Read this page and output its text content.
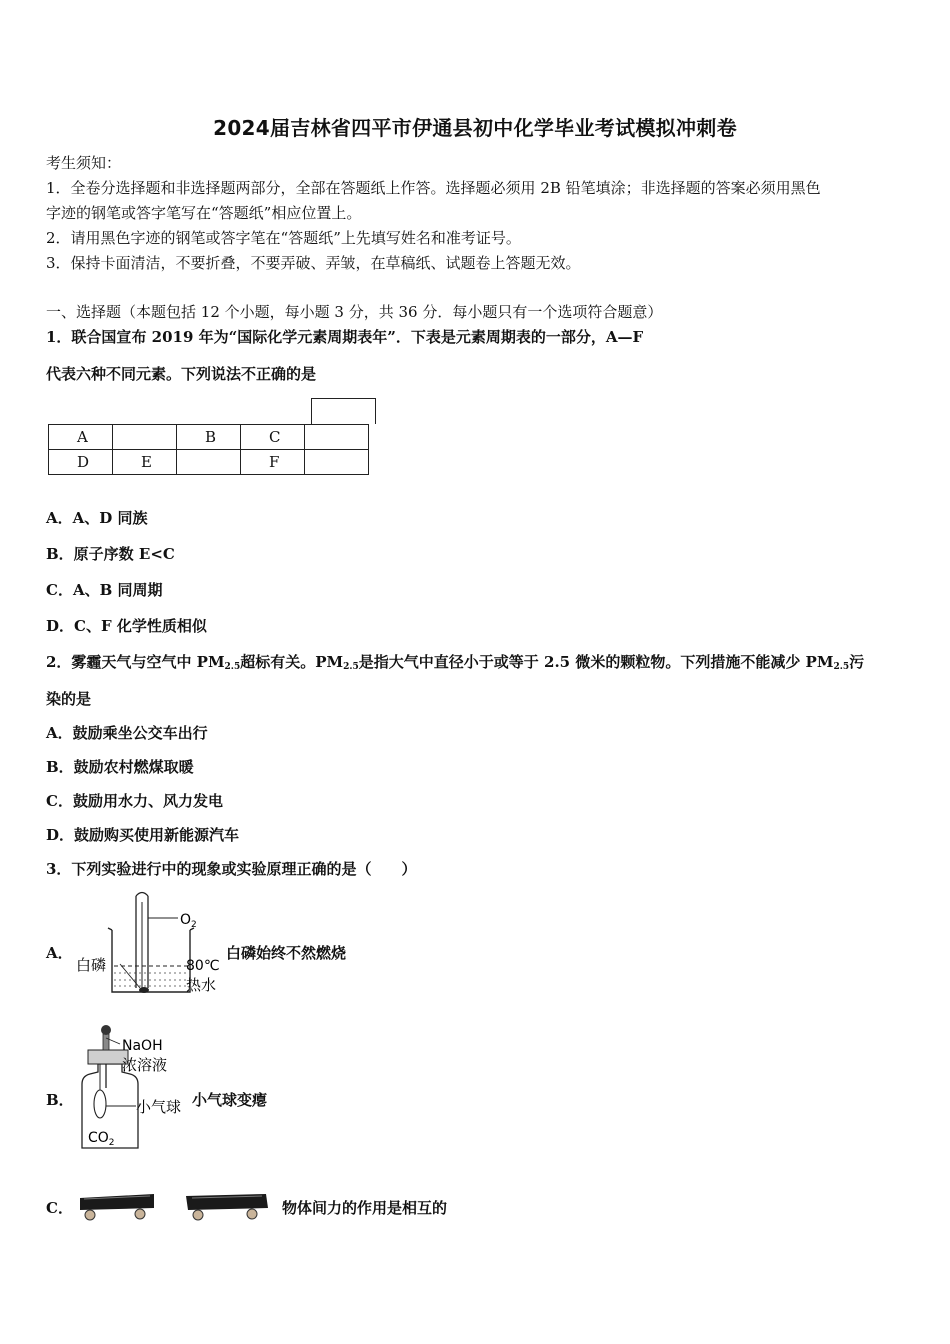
2024届吉林省四平市伊通县初中化学毕业考试模拟冲刺卷
考生须知：
1．全卷分选择题和非选择题两部分，全部在答题纸上作答。选择题必须用 2B 铅笔填涂；非选择题的答案必须用黑色
字迹的钢笔或答字笔写在“答题纸”相应位置上。
2．请用黑色字迹的钢笔或答字笔在“答题纸”上先填写姓名和准考证号。
3．保持卡面清洁，不要折叠，不要弄破、弄皱，在草稿纸、试题卷上答题无效。
一、选择题（本题包括 12 个小题，每小题 3 分，共 36 分．每小题只有一个选项符合题意）
1．联合国宣布 2019 年为“国际化学元素周期表年”．下表是元素周期表的一部分，A—F
代表六种不同元素。下列说法不正确的是
A		B	C	
D	E		F	
A．A、D 同族
B．原子序数 E<C
C．A、B 同周期
D．C、F 化学性质相似
2．雾霾天气与空气中 $PM_{2.5}$超标有关。$PM_{2.5}$是指大气中直径小于或等于 2.5 微米的颗粒物。下列措施不能减少 $PM_{2.5}$污
染的是
A．鼓励乘坐公交车出行
B．鼓励农村燃煤取暖
C．鼓励用水力、风力发电
D．鼓励购买使用新能源汽车
3．下列实验进行中的现象或实验原理正确的是（　　）
A．
$O_2$
白磷	80℃
热水
白磷始终不然燃烧
B．
NaOH
浓溶液
小气球
$CO_2$
小气球变瘪
C．	物体间力的作用是相互的
